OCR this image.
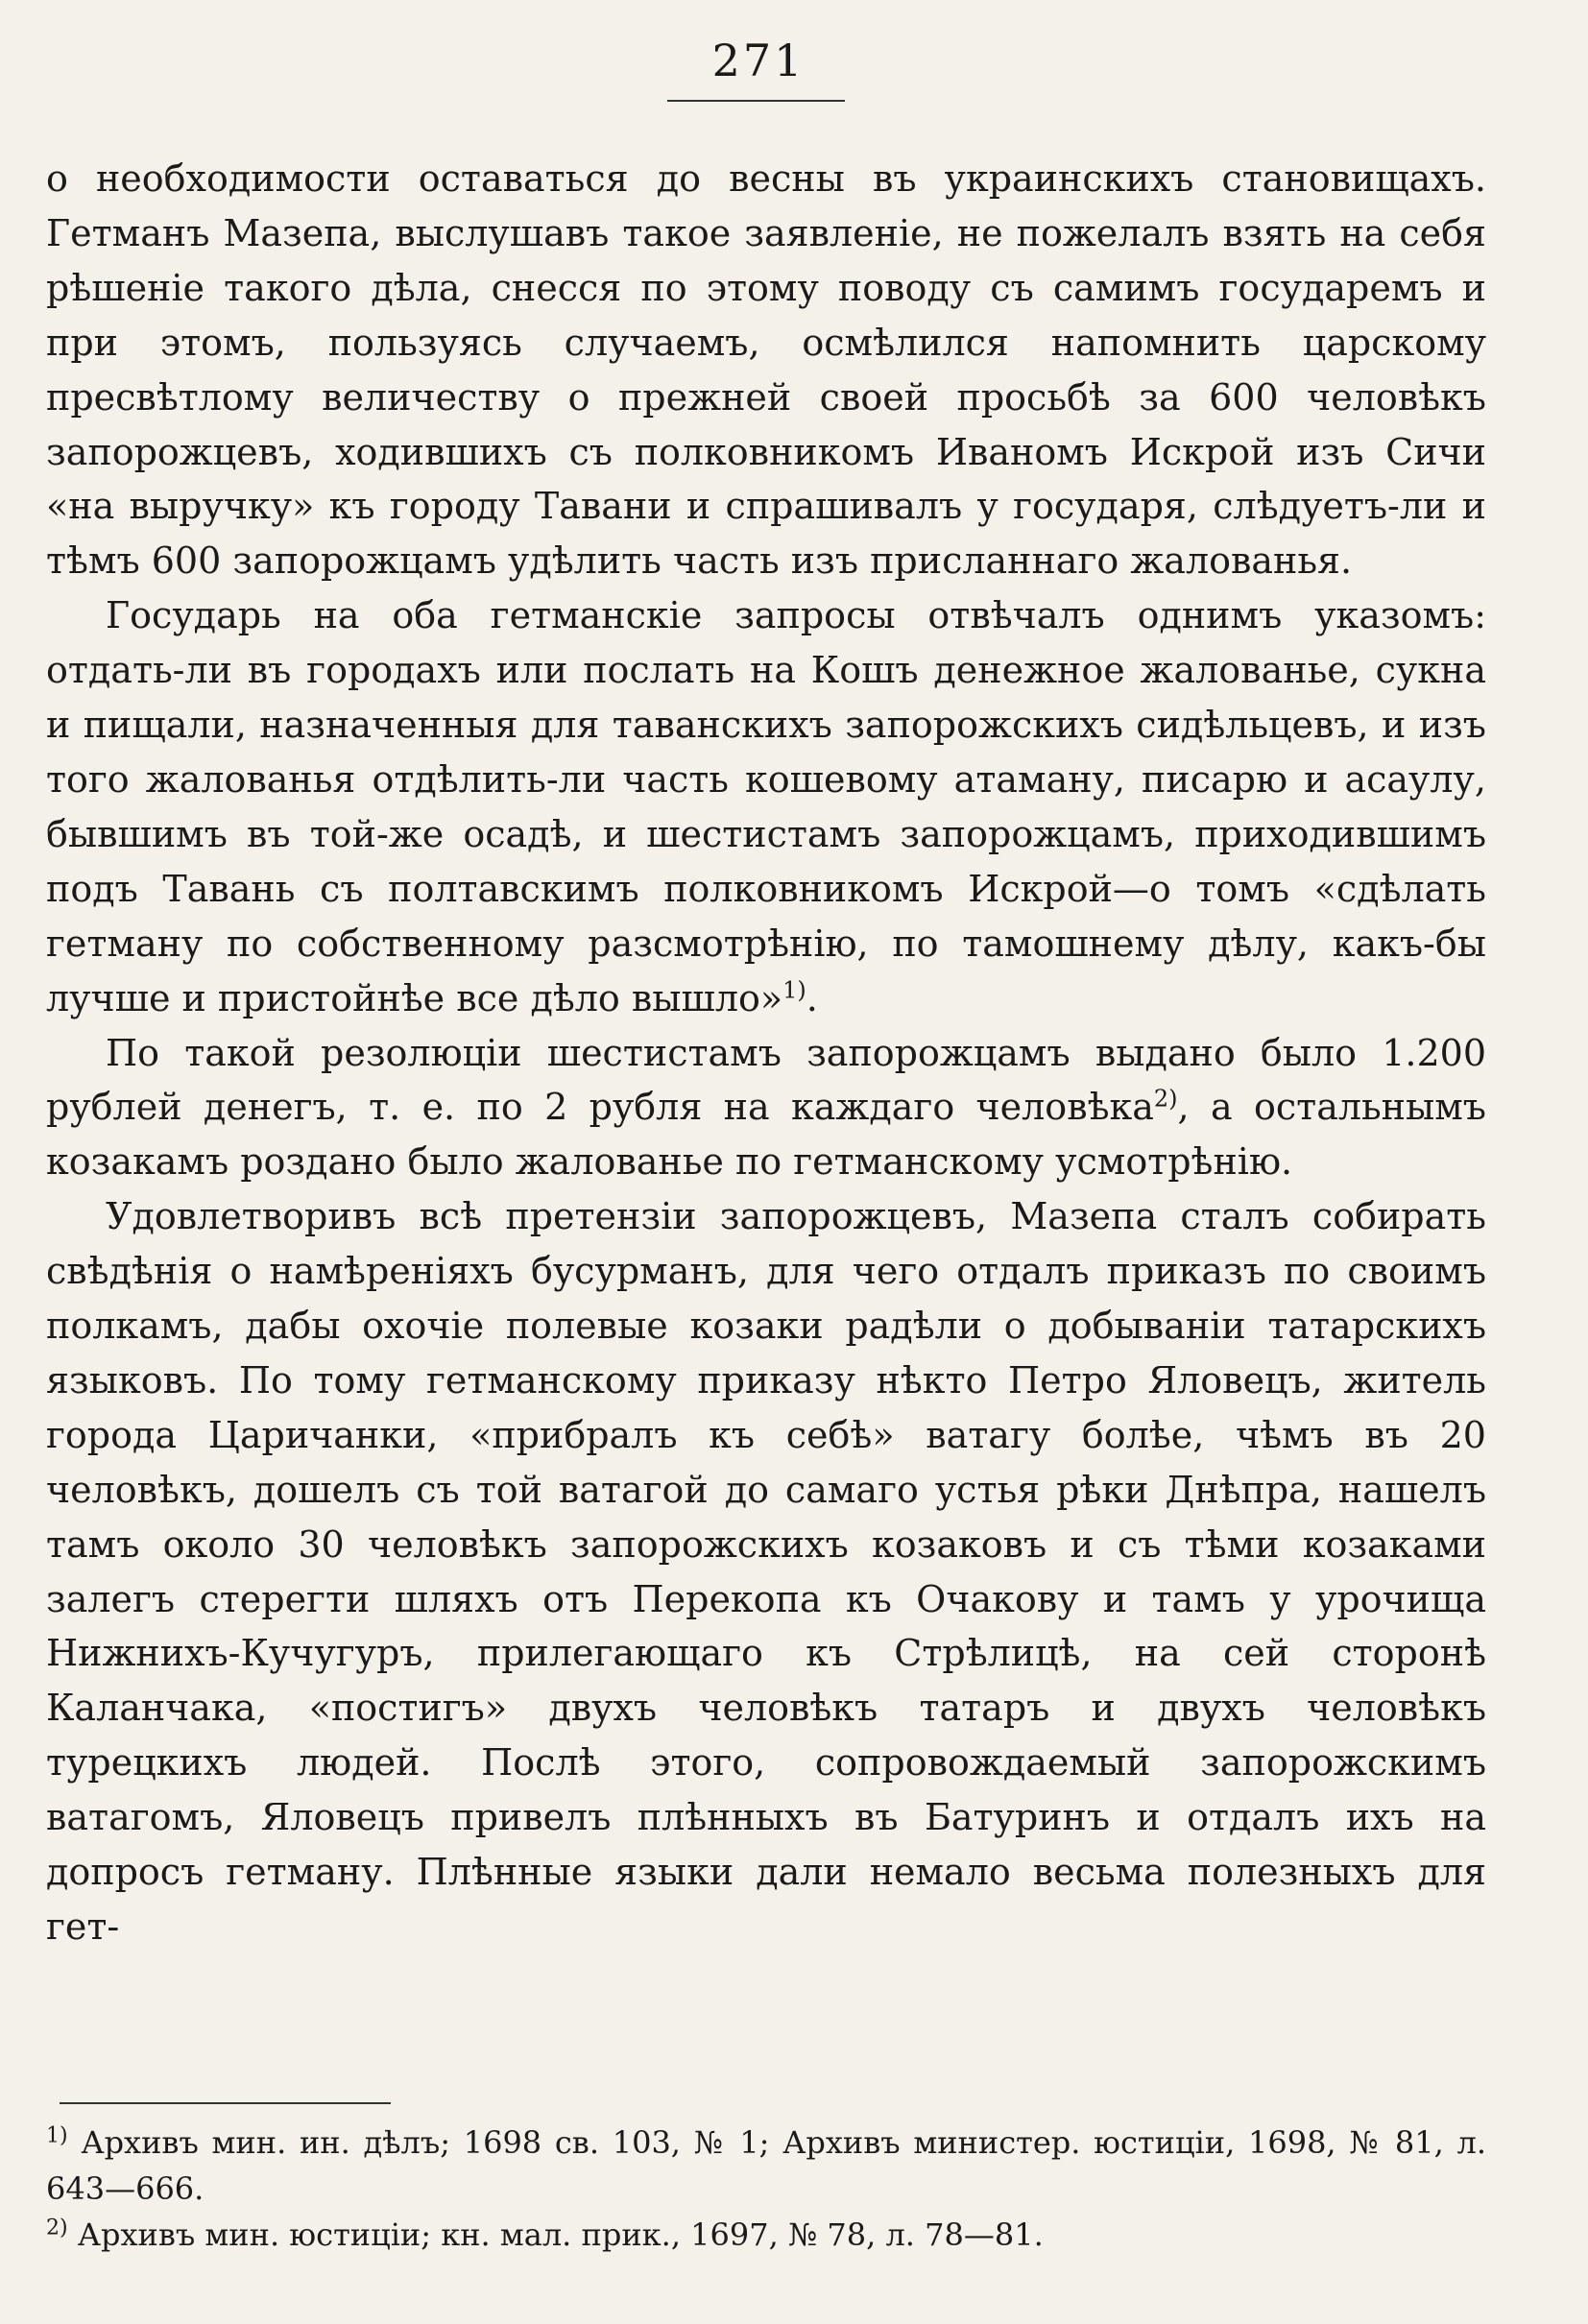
271

о необходимости оставаться до весны въ украинскихъ становищахъ. Гетманъ Мазепа, выслушавъ такое заявленіе, не пожелалъ взять на себя рѣшеніе такого дѣла, снесся по этому поводу съ самимъ государемъ и при этомъ, пользуясь случаемъ, осмѣлился напомнить царскому пресвѣтлому величеству о прежней своей просьбѣ за 600 человѣкъ запорожцевъ, ходившихъ съ полковникомъ Иваномъ Искрой изъ Сичи «на выручку» къ городу Тавани и спрашивалъ у государя, слѣдуетъ-ли и тѣмъ 600 запорожцамъ удѣлить часть изъ присланнаго жалованья.

Государь на оба гетманскіе запросы отвѣчалъ однимъ указомъ: отдать-ли въ городахъ или послать на Кошъ денежное жалованье, сукна и пищали, назначенныя для таванскихъ запорожскихъ сидѣльцевъ, и изъ того жалованья отдѣлить-ли часть кошевому атаману, писарю и асаулу, бывшимъ въ той-же осадѣ, и шестистамъ запорожцамъ, приходившимъ подъ Тавань съ полтавскимъ полковникомъ Искрой—о томъ «сдѣлать гетману по собственному разсмотрѣнію, по тамошнему дѣлу, какъ-бы лучше и пристойнѣе все дѣло вышло»$^{1)}$.

По такой резолюціи шестистамъ запорожцамъ выдано было 1.200 рублей денегъ, т. е. по 2 рубля на каждаго человѣка$^{2)}$, а остальнымъ козакамъ роздано было жалованье по гетманскому усмотрѣнію.

Удовлетворивъ всѣ претензіи запорожцевъ, Мазепа сталъ собирать свѣдѣнія о намѣреніяхъ бусурманъ, для чего отдалъ приказъ по своимъ полкамъ, дабы охочіе полевые козаки радѣли о добываніи татарскихъ языковъ. По тому гетманскому приказу нѣкто Петро Яловецъ, житель города Царичанки, «прибралъ къ себѣ» ватагу болѣе, чѣмъ въ 20 человѣкъ, дошелъ съ той ватагой до самаго устья рѣки Днѣпра, нашелъ тамъ около 30 человѣкъ запорожскихъ козаковъ и съ тѣми козаками залегъ стерегти шляхъ отъ Перекопа къ Очакову и тамъ у урочища Нижнихъ-Кучугуръ, прилегающаго къ Стрѣлицѣ, на сей сторонѣ Каланчака, «постигъ» двухъ человѣкъ татаръ и двухъ человѣкъ турецкихъ людей. Послѣ этого, сопровождаемый запорожскимъ ватагомъ, Яловецъ привелъ плѣнныхъ въ Батуринъ и отдалъ ихъ на допросъ гетману. Плѣнные языки дали немало весьма полезныхъ для гет-

$^{1)}$ Архивъ мин. ин. дѣлъ; 1698 св. 103, № 1; Архивъ министер. юстиціи, 1698, № 81, л. 643—666.

$^{2)}$ Архивъ мин. юстиціи; кн. мал. прик., 1697, № 78, л. 78—81.
